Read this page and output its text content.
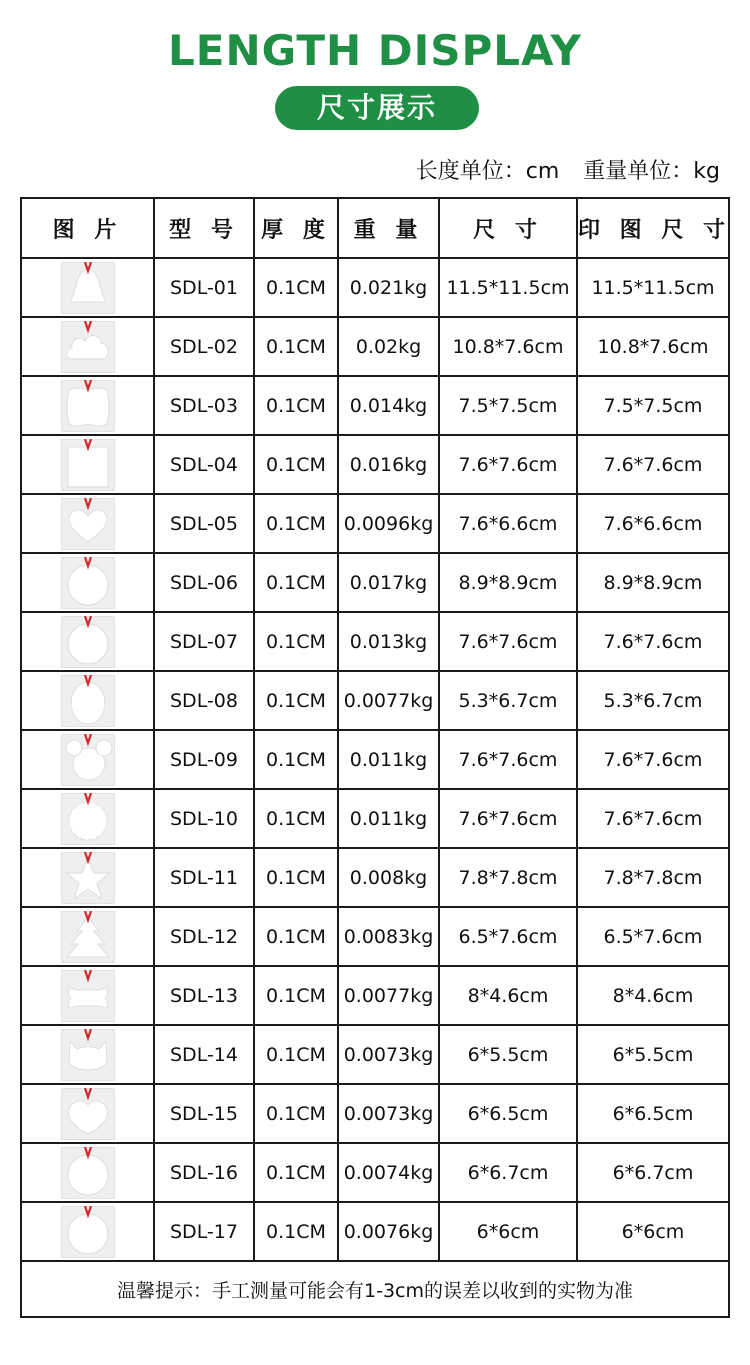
LENGTH DISPLAY
尺寸展示
长度单位：cm 重量单位：kg
图 片	型 号	厚 度	重 量	尺 寸	印 图 尺 寸

	SDL-01	0.1CM	0.021kg	11.5*11.5cm	11.5*11.5cm

	SDL-02	0.1CM	0.02kg	10.8*7.6cm	10.8*7.6cm

	SDL-03	0.1CM	0.014kg	7.5*7.5cm	7.5*7.5cm

	SDL-04	0.1CM	0.016kg	7.6*7.6cm	7.6*7.6cm

	SDL-05	0.1CM	0.0096kg	7.6*6.6cm	7.6*6.6cm

	SDL-06	0.1CM	0.017kg	8.9*8.9cm	8.9*8.9cm

	SDL-07	0.1CM	0.013kg	7.6*7.6cm	7.6*7.6cm

	SDL-08	0.1CM	0.0077kg	5.3*6.7cm	5.3*6.7cm

	SDL-09	0.1CM	0.011kg	7.6*7.6cm	7.6*7.6cm

	SDL-10	0.1CM	0.011kg	7.6*7.6cm	7.6*7.6cm

	SDL-11	0.1CM	0.008kg	7.8*7.8cm	7.8*7.8cm

	SDL-12	0.1CM	0.0083kg	6.5*7.6cm	6.5*7.6cm

	SDL-13	0.1CM	0.0077kg	8*4.6cm	8*4.6cm

	SDL-14	0.1CM	0.0073kg	6*5.5cm	6*5.5cm

	SDL-15	0.1CM	0.0073kg	6*6.5cm	6*6.5cm

	SDL-16	0.1CM	0.0074kg	6*6.7cm	6*6.7cm

	SDL-17	0.1CM	0.0076kg	6*6cm	6*6cm
温馨提示：手工测量可能会有1-3cm的误差以收到的实物为准					
